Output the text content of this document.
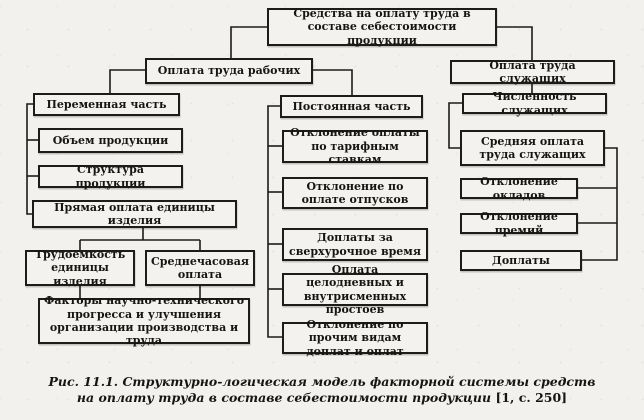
Средства на оплату труда в составе себестоимости продукции
Оплата труда рабочих	Оплата труда служащих
Переменная часть
Объем продукции
Структура продукции
Прямая оплата единицы изделия
Трудоемкость единицы изделия
Среднечасовая оплата
Факторы научно-технического прогресса и улучшения организации производства и труда
Постоянная часть
Отклонение оплаты по тарифным ставкам
Отклонение по оплате отпусков
Доплаты за сверхурочное время
Оплата целодневных и внутрисменных простоев
Отклонение по прочим видам доплат и оплат
Численность служащих
Средняя оплата труда служащих
Отклонение окладов
Отклонение премий
Доплаты
Рис. 11.1. Структурно-логическая модель факторной системы средств
на оплату труда в составе себестоимости продукции [1, с. 250]
